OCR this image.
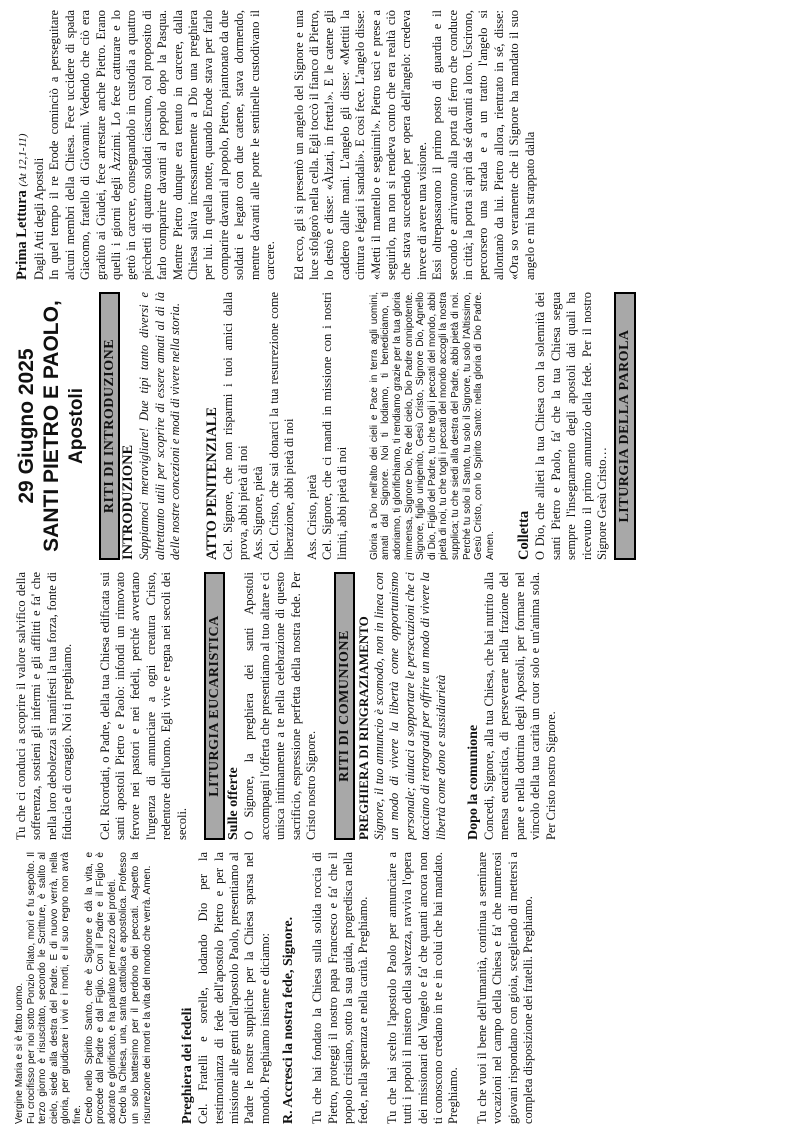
Vergine Maria e si è fatto uomo. Fu crocifisso per noi sotto Ponzio Pilato, morì e fu sepolto. Il terzo giorno è risuscitato, secondo le Scritture, è salito al cielo, siede alla destra del Padre. E di nuovo verrà, nella gloria, per giudicare i vivi e i morti, e il suo regno non avrà fine. Credo nello Spirito Santo, che è Signore e dà la vita, e procede dal Padre e dal Figlio. Con il Padre e il Figlio è adorato e glorificato, e ha parlato per mezzo dei profeti. Credo la Chiesa, una, santa cattolica e apostolica. Professo un solo battesimo per il perdono dei peccati. Aspetto la risurrezione dei morti e la vita del mondo che verrà. Amen. Preghiera dei fedeli Cel. Fratelli e sorelle, lodando Dio per la testimonianza di fede dell'apostolo Pietro e per la missione alle genti dell'apostolo Paolo, presentiamo al Padre le nostre suppliche per la Chiesa sparsa nel mondo. Preghiamo insieme e diciamo: R. Accresci la nostra fede, Signore. Tu che hai fondato la Chiesa sulla solida roccia di Pietro, proteggi il nostro papa Francesco e fa' che il popolo cristiano, sotto la sua guida, progredisca nella fede, nella speranza e nella carità. Preghiamo. Tu che hai scelto l'apostolo Paolo per annunciare a tutti i popoli il mistero della salvezza, ravviva l'opera dei missionari del Vangelo e fa' che quanti ancora non ti conoscono credano in te e in colui che hai mandato. Preghiamo. Tu che vuoi il bene dell'umanità, continua a seminare vocazioni nel campo della Chiesa e fa' che numerosi giovani rispondano con gioia, scegliendo di mettersi a completa disposizione dei fratelli. Preghiamo.

Tu che ci conduci a scoprire il valore salvifico della sofferenza, sostieni gli infermi e gli afflitti e fa' che nella loro debolezza si manifesti la tua forza, fonte di fiducia e di coraggio. Noi ti preghiamo. Cel. Ricordati, o Padre, della tua Chiesa edificata sui santi apostoli Pietro e Paolo: infondi un rinnovato fervore nei pastori e nei fedeli, perché avvertano l'urgenza di annunciare a ogni creatura Cristo, redentore dell'uomo. Egli vive e regna nei secoli dei secoli.

LITURGIA EUCARISTICA

Sulle offerte O Signore, la preghiera dei santi Apostoli accompagni l'offerta che presentiamo al tuo altare e ci unisca intimamente a te nella celebrazione di questo sacrificio, espressione perfetta della nostra fede. Per Cristo nostro Signore.

RITI DI COMUNIONE PREGHIERA DI RINGRAZIAMENTO Signore, il tuo annuncio è scomodo, non in linea con un modo di vivere la libertà come opportunismo personale; aiutaci a sopportare le persecuzioni che ci tacciano di retrogradi per offrire un modo di vivere la libertà come dono e sussidiarietà Dopo la comunione Concedi, Signore, alla tua Chiesa, che hai nutrito alla mensa eucaristica, di perseverare nella frazione del pane e nella dottrina degli Apostoli, per formare nel vincolo della tua carità un cuor solo e un'anima sola. Per Cristo nostro Signore.

29 Giugno 2025 SANTI PIETRO E PAOLO, Apostoli RITI DI INTRODUZIONE INTRODUZIONE Sappiamoci meravigliare! Due tipi tanto diversi e altrettanto utili per scoprire di essere amati al di là delle nostre concezioni e modi di vivere nella storia. ATTO PENITENZIALE Cel. Signore, che non risparmi i tuoi amici dalla prova, abbi pietà di noi Ass. Signore, pietà Cel. Cristo, che sai donarci la tua resurrezione come liberazione, abbi pietà di noi Ass. Cristo, pietà Cel. Signore, che ci mandi in missione con i nostri limiti, abbi pietà di noi Gloria a Dio nell'alto dei cieli e Pace in terra agli uomini, amati dal Signore. Noi ti lodiamo, ti benediciamo, ti adoriamo, ti glorifichiamo, ti rendiamo grazie per la tua gloria immensa, Signore Dio, Re del cielo, Dio Padre onnipotente. Signore, figlio unigenito, Gesù Cristo, Signore Dio, Agnello di Dio, Figlio del Padre, tu che togli i peccati del mondo, abbi pietà di noi, tu che togli i peccati del mondo accogli la nostra supplica; tu che siedi alla destra del Padre, abbi pietà di noi. Perché tu solo il Santo, tu solo il Signore, tu solo l'Altissimo, Gesù Cristo, con lo Spirito Santo: nella gloria di Dio Padre. Amen. Colletta O Dio, che allieti la tua Chiesa con la solennità dei santi Pietro e Paolo, fa' che la tua Chiesa segua sempre l'insegnamento degli apostoli dai quali ha ricevuto il primo annunzio della fede. Per il nostro Signore Gesù Cristo… LITURGIA DELLA PAROLA

Prima Lettura (At 12,1-11) Dagli Atti degli Apostoli In quel tempo il re Erode cominciò a perseguitare alcuni membri della Chiesa. Fece uccidere di spada Giacomo, fratello di Giovanni. Vedendo che ciò era gradito ai Giudei, fece arrestare anche Pietro. Erano quelli i giorni degli Àzzimi. Lo fece catturare e lo gettò in carcere, consegnandolo in custodia a quattro picchetti di quattro soldati ciascuno, col proposito di farlo comparire davanti al popolo dopo la Pasqua. Mentre Pietro dunque era tenuto in carcere, dalla Chiesa saliva incessantemente a Dio una preghiera per lui. In quella notte, quando Erode stava per farlo comparire davanti al popolo, Pietro, piantonato da due soldati e legato con due catene, stava dormendo, mentre davanti alle porte le sentinelle custodivano il carcere. Ed ecco, gli si presentò un angelo del Signore e una luce sfolgorò nella cella. Egli toccò il fianco di Pietro, lo destò e disse: «Àlzati, in fretta!». E le catene gli caddero dalle mani. L'angelo gli disse: «Mettiti la cintura e légati i sandali». E così fece. L'angelo disse: «Metti il mantello e seguimi!». Pietro uscì e prese a seguirlo, ma non si rendeva conto che era realtà ciò che stava succedendo per opera dell'angelo: credeva invece di avere una visione. Essi oltrepassarono il primo posto di guardia e il secondo e arrivarono alla porta di ferro che conduce in città; la porta si aprì da sé davanti a loro. Uscirono, percorsero una strada e a un tratto l'angelo si allontanò da lui. Pietro allora, rientrato in sé, disse: «Ora so veramente che il Signore ha mandato il suo angelo e mi ha strappato dalla
